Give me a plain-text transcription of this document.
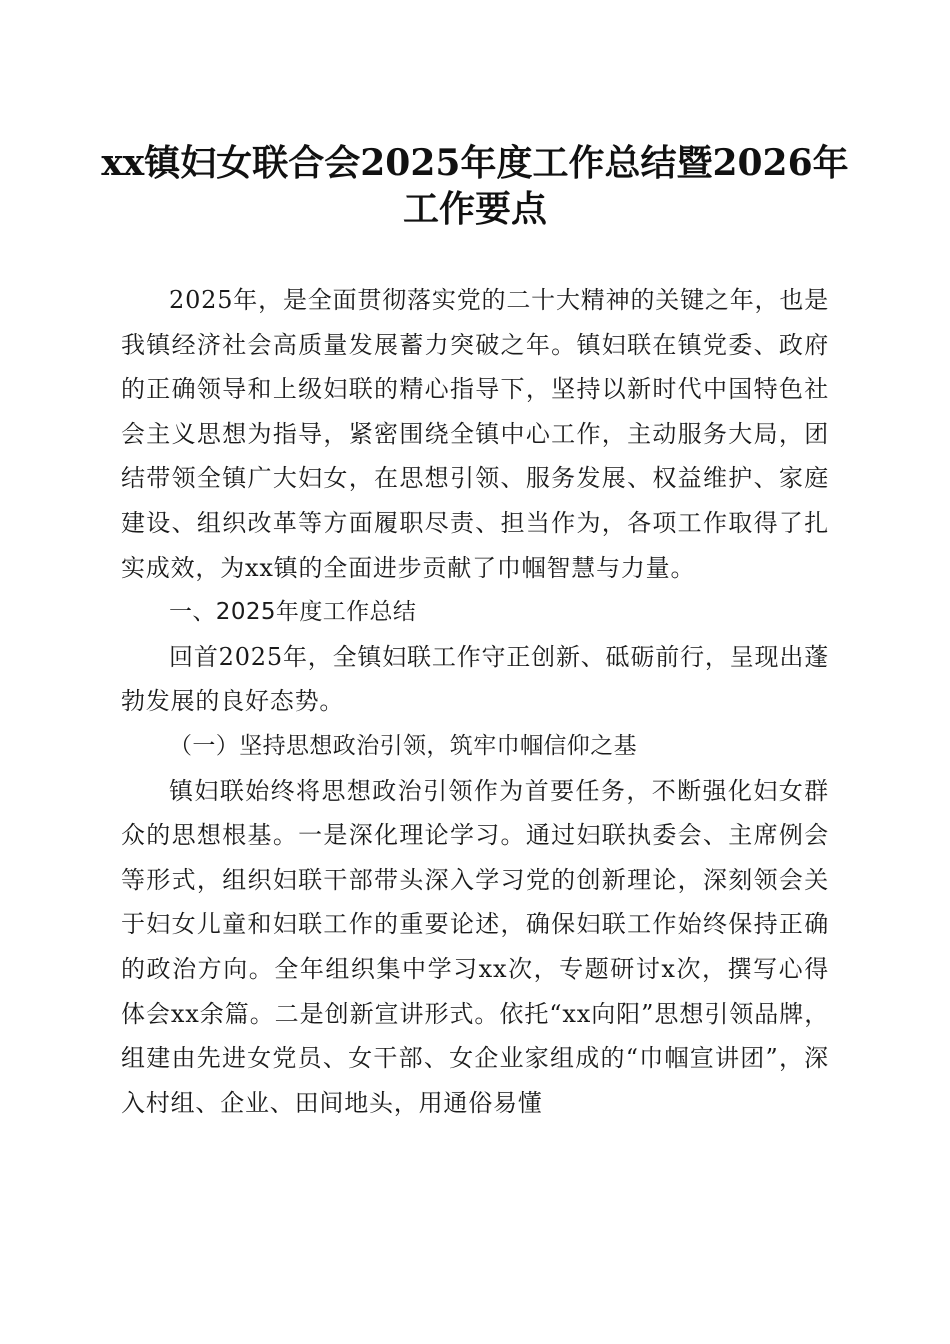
xx镇妇女联合会2025年度工作总结暨2026年
工作要点

2025年，是全面贯彻落实党的二十大精神的关键之年，也是我镇经济社会高质量发展蓄力突破之年。镇妇联在镇党委、政府的正确领导和上级妇联的精心指导下，坚持以新时代中国特色社会主义思想为指导，紧密围绕全镇中心工作，主动服务大局，团结带领全镇广大妇女，在思想引领、服务发展、权益维护、家庭建设、组织改革等方面履职尽责、担当作为，各项工作取得了扎实成效，为xx镇的全面进步贡献了巾帼智慧与力量。

一、2025年度工作总结

回首2025年，全镇妇联工作守正创新、砥砺前行，呈现出蓬勃发展的良好态势。

（一）坚持思想政治引领，筑牢巾帼信仰之基

镇妇联始终将思想政治引领作为首要任务，不断强化妇女群众的思想根基。一是深化理论学习。通过妇联执委会、主席例会等形式，组织妇联干部带头深入学习党的创新理论，深刻领会关于妇女儿童和妇联工作的重要论述，确保妇联工作始终保持正确的政治方向。全年组织集中学习xx次，专题研讨x次，撰写心得体会xx余篇。二是创新宣讲形式。依托“xx向阳”思想引领品牌，组建由先进女党员、女干部、女企业家组成的“巾帼宣讲团”，深入村组、企业、田间地头，用通俗易懂
